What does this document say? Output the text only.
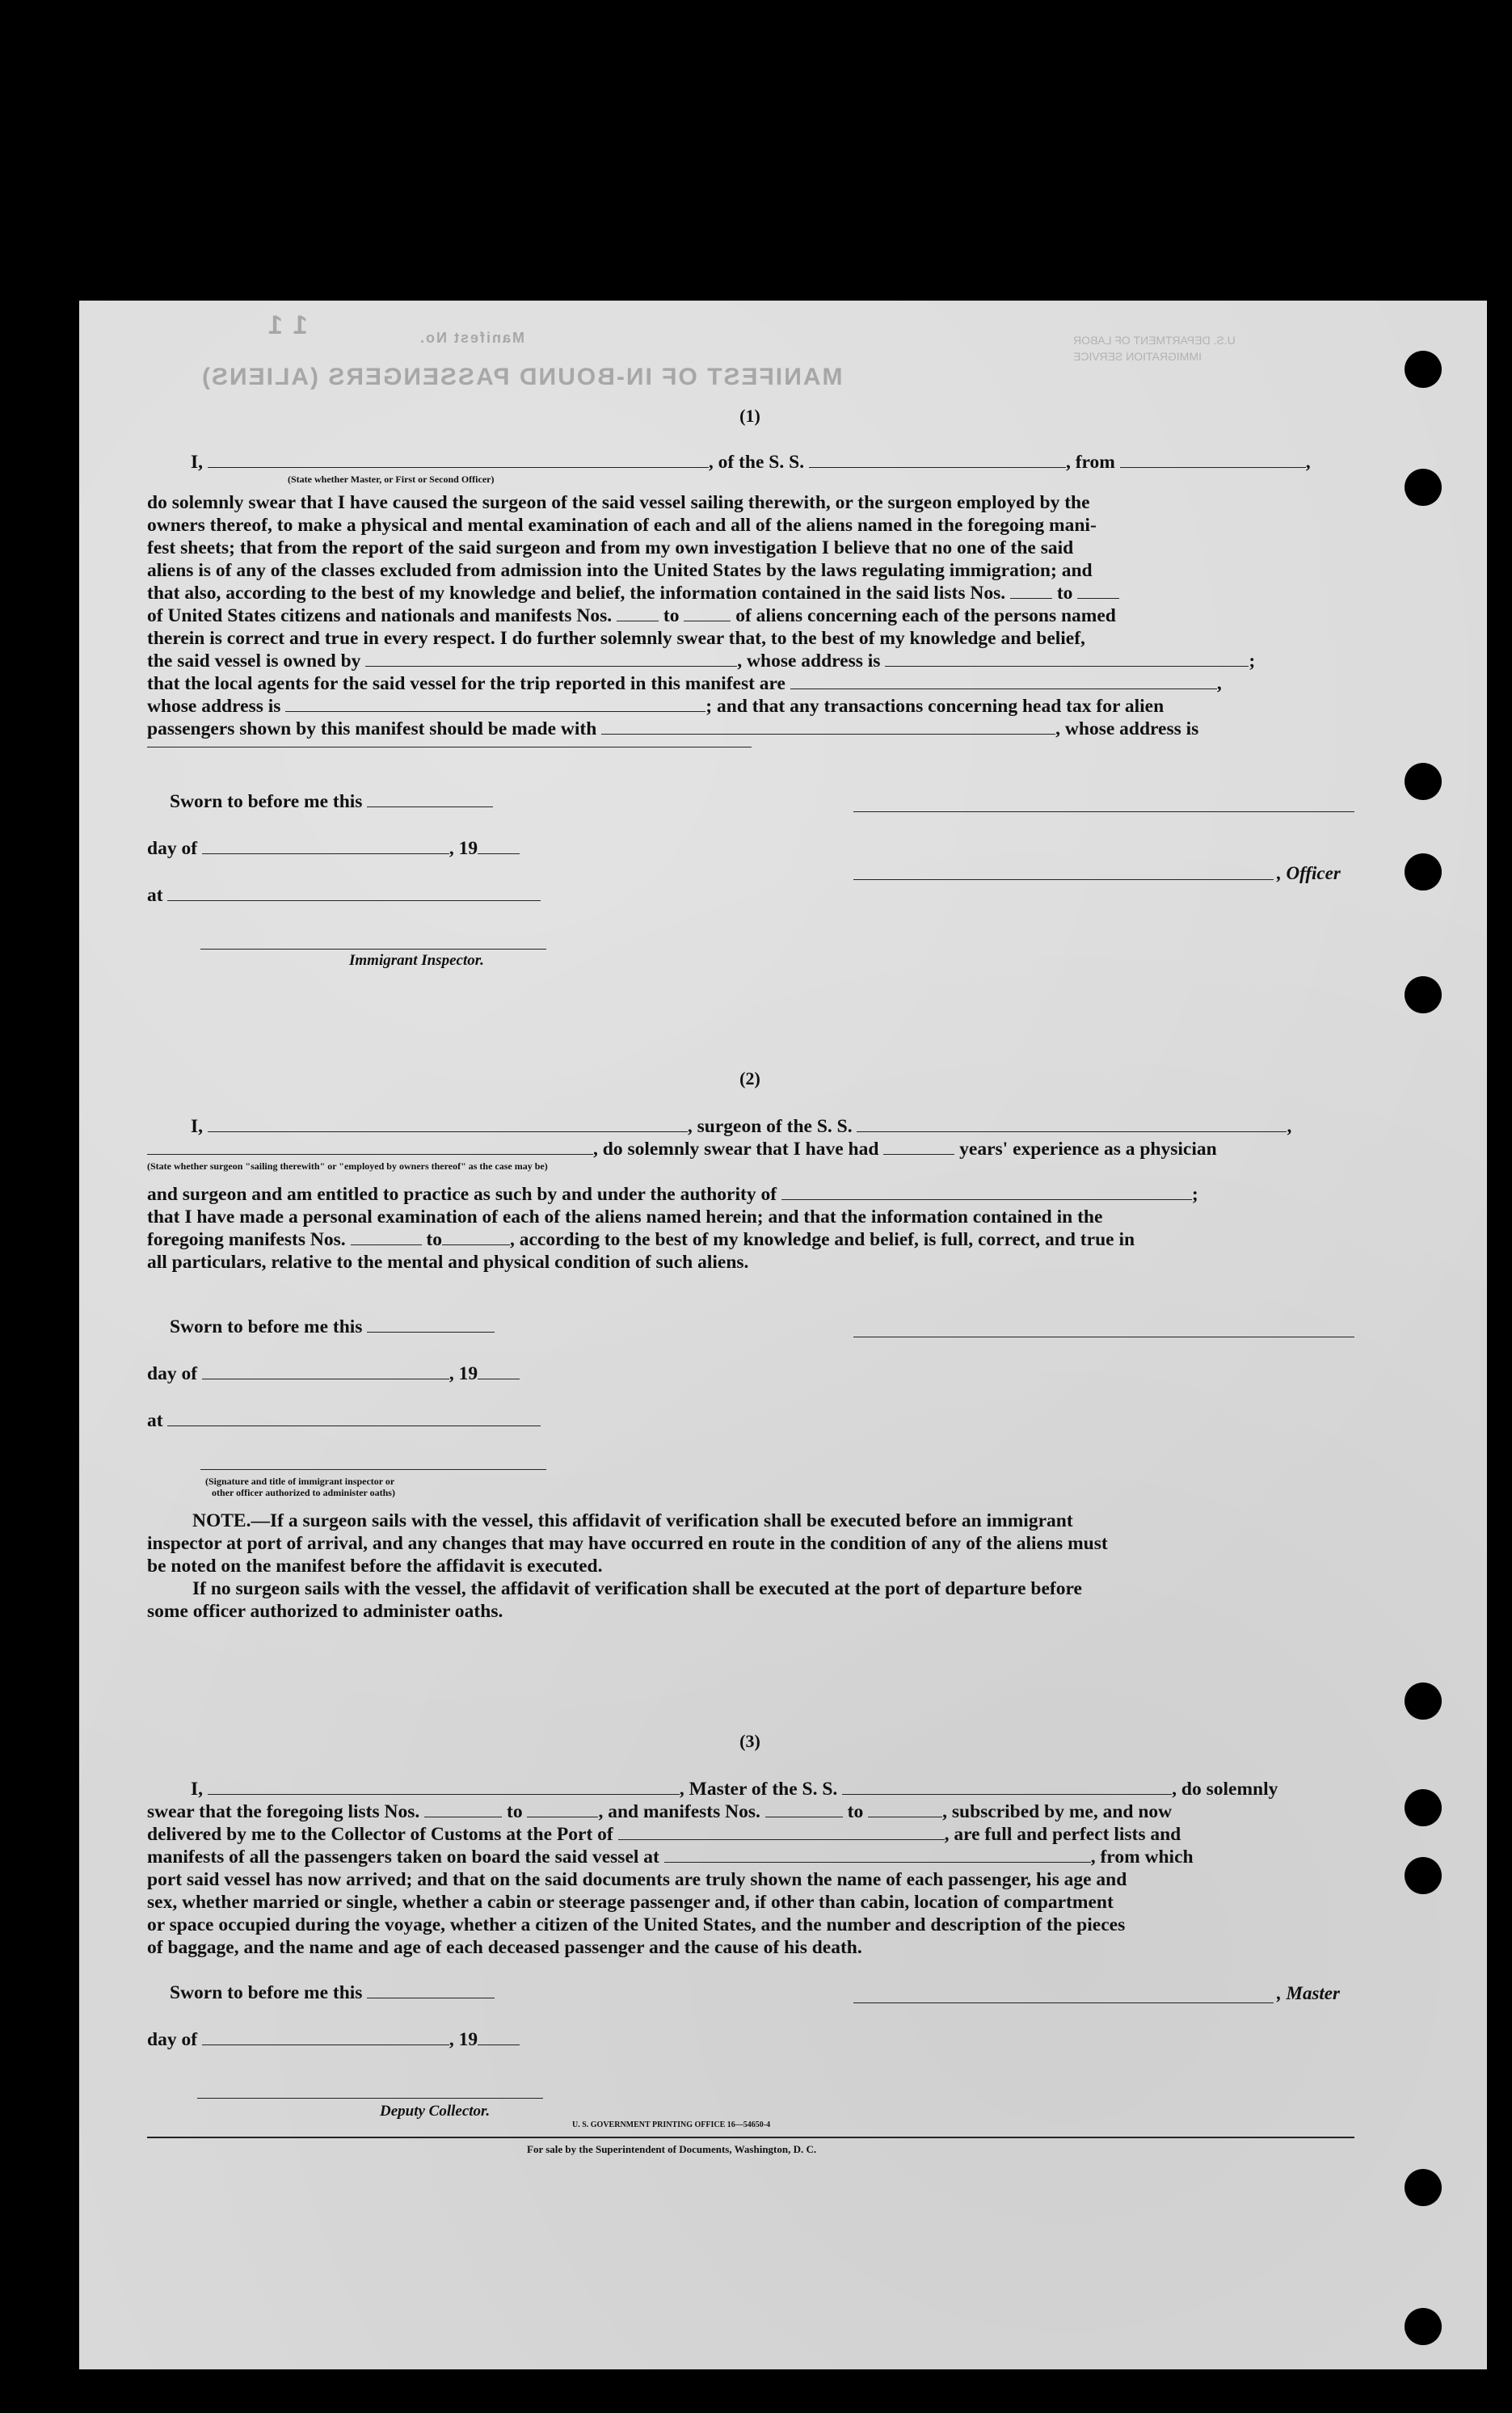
1 1	Manifest No.
MANIFEST OF IN-BOUND PASSENGERS (ALIENS)
U.S. DEPARTMENT OF LABOR
IMMIGRATION SERVICE
(1)
I,	, of the S. S.	, from	,
(State whether Master, or First or Second Officer)
do solemnly swear that I have caused the surgeon of the said vessel sailing therewith, or the surgeon employed by the
owners thereof, to make a physical and mental examination of each and all of the aliens named in the foregoing mani-
fest sheets; that from the report of the said surgeon and from my own investigation I believe that no one of the said
aliens is of any of the classes excluded from admission into the United States by the laws regulating immigration; and
that also, according to the best of my knowledge and belief, the information contained in the said lists Nos.	to
of United States citizens and nationals and manifests Nos.	to	of aliens concerning each of the persons named
therein is correct and true in every respect. I do further solemnly swear that, to the best of my knowledge and belief,
the said vessel is owned by	, whose address is	;
that the local agents for the said vessel for the trip reported in this manifest are	,
whose address is	; and that any transactions concerning head tax for alien
passengers shown by this manifest should be made with	, whose address is
Sworn to before me this
day of	, 19
, Officer
at
Immigrant Inspector.
(2)
I,	, surgeon of the S. S.	,
, do solemnly swear that I have had	years' experience as a physician
(State whether surgeon "sailing therewith" or "employed by owners thereof" as the case may be)
and surgeon and am entitled to practice as such by and under the authority of	;
that I have made a personal examination of each of the aliens named herein; and that the information contained in the
foregoing manifests Nos.	to	, according to the best of my knowledge and belief, is full, correct, and true in
all particulars, relative to the mental and physical condition of such aliens.
Sworn to before me this
day of	, 19
at
(Signature and title of immigrant inspector or
other officer authorized to administer oaths)
NOTE.—If a surgeon sails with the vessel, this affidavit of verification shall be executed before an immigrant
inspector at port of arrival, and any changes that may have occurred en route in the condition of any of the aliens must
be noted on the manifest before the affidavit is executed.
If no surgeon sails with the vessel, the affidavit of verification shall be executed at the port of departure before
some officer authorized to administer oaths.
(3)
I,	, Master of the S. S.	, do solemnly
swear that the foregoing lists Nos.	to	, and manifests Nos.	to	, subscribed by me, and now
delivered by me to the Collector of Customs at the Port of	, are full and perfect lists and
manifests of all the passengers taken on board the said vessel at	, from which
port said vessel has now arrived; and that on the said documents are truly shown the name of each passenger, his age and
sex, whether married or single, whether a cabin or steerage passenger and, if other than cabin, location of compartment
or space occupied during the voyage, whether a citizen of the United States, and the number and description of the pieces
of baggage, and the name and age of each deceased passenger and the cause of his death.
Sworn to before me this	, Master
day of	, 19
Deputy Collector.
U. S. GOVERNMENT PRINTING OFFICE 16—54650-4
For sale by the Superintendent of Documents, Washington, D. C.
